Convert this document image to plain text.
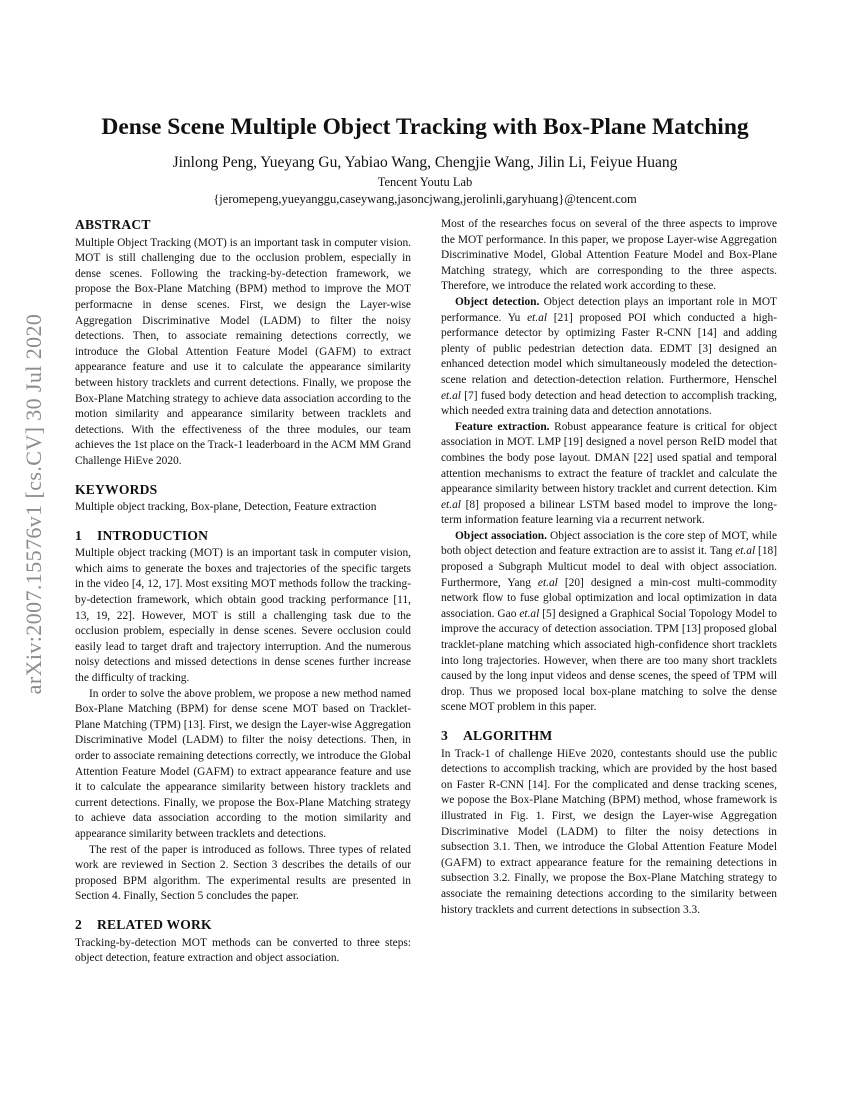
arXiv:2007.15576v1 [cs.CV] 30 Jul 2020
Dense Scene Multiple Object Tracking with Box-Plane Matching
Jinlong Peng, Yueyang Gu, Yabiao Wang, Chengjie Wang, Jilin Li, Feiyue Huang
Tencent Youtu Lab
{jeromepeng,yueyanggu,caseywang,jasoncjwang,jerolinli,garyhuang}@tencent.com
ABSTRACT

Multiple Object Tracking (MOT) is an important task in computer vision. MOT is still challenging due to the occlusion problem, especially in dense scenes. Following the tracking-by-detection framework, we propose the Box-Plane Matching (BPM) method to improve the MOT performacne in dense scenes. First, we design the Layer-wise Aggregation Discriminative Model (LADM) to filter the noisy detections. Then, to associate remaining detections correctly, we introduce the Global Attention Feature Model (GAFM) to extract appearance feature and use it to calculate the appearance similarity between history tracklets and current detections. Finally, we propose the Box-Plane Matching strategy to achieve data association according to the motion similarity and appearance similarity between tracklets and detections. With the effectiveness of the three modules, our team achieves the 1st place on the Track-1 leaderboard in the ACM MM Grand Challenge HiEve 2020.

KEYWORDS

Multiple object tracking, Box-plane, Detection, Feature extraction

1 INTRODUCTION

Multiple object tracking (MOT) is an important task in computer vision, which aims to generate the boxes and trajectories of the specific targets in the video [4, 12, 17]. Most exsiting MOT methods follow the tracking-by-detection framework, which obtain good tracking performance [11, 13, 19, 22]. However, MOT is still a challenging task due to the occlusion problem, especially in dense scenes. Severe occlusion could easily lead to target draft and trajectory interruption. And the numerous noisy detections and missed detections in dense scenes further increase the difficulty of tracking.

In order to solve the above problem, we propose a new method named Box-Plane Matching (BPM) for dense scene MOT based on Tracklet-Plane Matching (TPM) [13]. First, we design the Layer-wise Aggregation Discriminative Model (LADM) to filter the noisy detections. Then, in order to associate remaining detections correctly, we introduce the Global Attention Feature Model (GAFM) to extract appearance feature and use it to calculate the appearance similarity between history tracklets and current detections. Finally, we propose the Box-Plane Matching strategy to achieve data association according to the motion similarity and appearance similarity between tracklets and detections.

The rest of the paper is introduced as follows. Three types of related work are reviewed in Section 2. Section 3 describes the details of our proposed BPM algorithm. The experimental results are presented in Section 4. Finally, Section 5 concludes the paper.

2 RELATED WORK

Tracking-by-detection MOT methods can be converted to three steps: object detection, feature extraction and object association.

Most of the researches focus on several of the three aspects to improve the MOT performance. In this paper, we propose Layer-wise Aggregation Discriminative Model, Global Attention Feature Model and Box-Plane Matching strategy, which are corresponding to the three aspects. Therefore, we introduce the related work according to these.

Object detection. Object detection plays an important role in MOT performance. Yu et.al [21] proposed POI which conducted a high-performance detector by optimizing Faster R-CNN [14] and adding plenty of public pedestrian detection data. EDMT [3] designed an enhanced detection model which simultaneously modeled the detection-scene relation and detection-detection relation. Furthermore, Henschel et.al [7] fused body detection and head detection to accomplish tracking, which needed extra training data and detection annotations.

Feature extraction. Robust appearance feature is critical for object association in MOT. LMP [19] designed a novel person ReID model that combines the body pose layout. DMAN [22] used spatial and temporal attention mechanisms to extract the feature of tracklet and calculate the appearance similarity between history tracklet and current detection. Kim et.al [8] proposed a bilinear LSTM based model to improve the long-term information feature learning via a recurrent network.

Object association. Object association is the core step of MOT, while both object detection and feature extraction are to assist it. Tang et.al [18] proposed a Subgraph Multicut model to deal with object association. Furthermore, Yang et.al [20] designed a min-cost multi-commodity network flow to fuse global optimization and local optimization in data association. Gao et.al [5] designed a Graphical Social Topology Model to improve the accuracy of detection association. TPM [13] proposed global tracklet-plane matching which associated high-confidence short tracklets into long trajectories. However, when there are too many short tracklets caused by the long input videos and dense scenes, the speed of TPM will drop. Thus we proposed local box-plane matching to solve the dense scene MOT problem in this paper.

3 ALGORITHM

In Track-1 of challenge HiEve 2020, contestants should use the public detections to accomplish tracking, which are provided by the host based on Faster R-CNN [14]. For the complicated and dense tracking scenes, we popose the Box-Plane Matching (BPM) method, whose framework is illustrated in Fig. 1. First, we design the Layer-wise Aggregation Discriminative Model (LADM) to filter the noisy detections in subsection 3.1. Then, we introduce the Global Attention Feature Model (GAFM) to extract appearance feature for the remaining detections in subsection 3.2. Finally, we propose the Box-Plane Matching strategy to associate the remaining detections according to the similarity between history tracklets and current detections in subsection 3.3.
